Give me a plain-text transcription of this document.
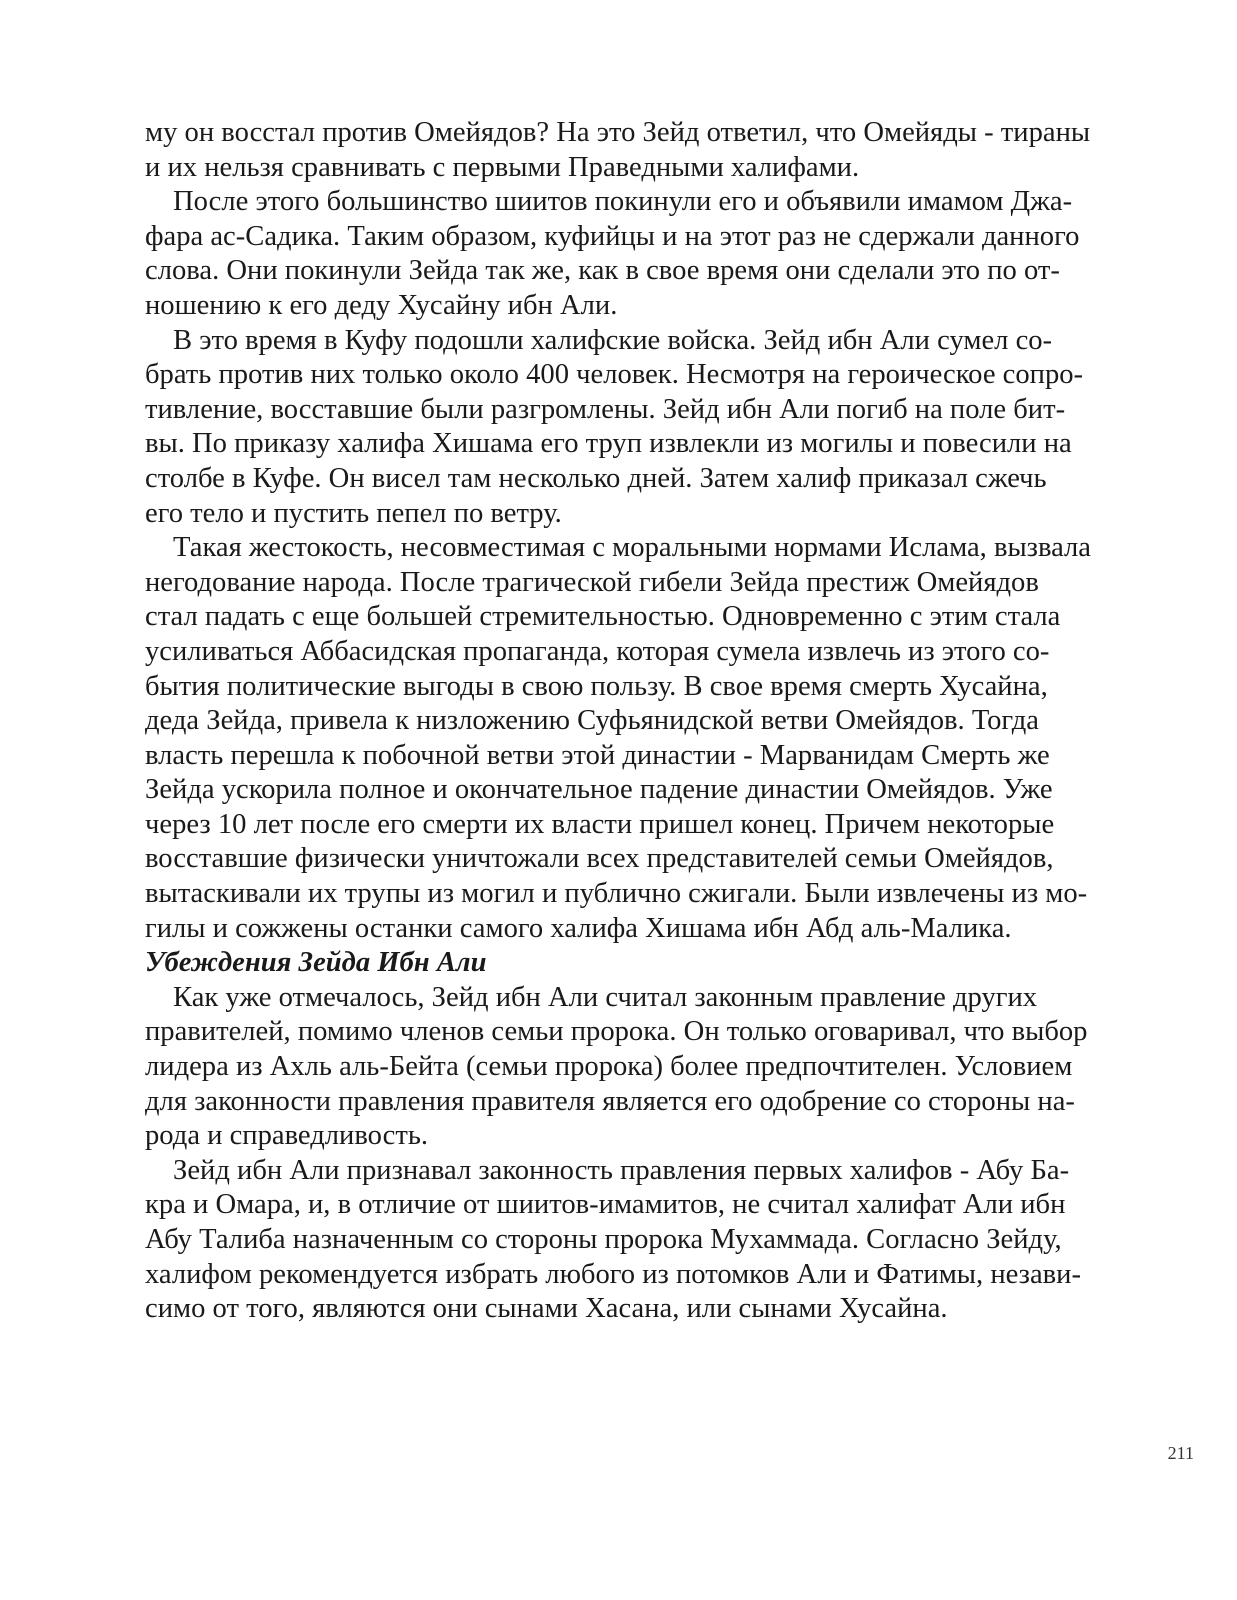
му он восстал против Омейядов? На это Зейд ответил, что Омейяды - тираны
и их нельзя сравнивать с первыми Праведными халифами.

После этого большинство шиитов покинули его и объявили имамом Джа-
фара ас-Садика. Таким образом, куфийцы и на этот раз не сдержали данного
слова. Они покинули Зейда так же, как в свое время они сделали это по от-
ношению к его деду Хусайну ибн Али.

В это время в Куфу подошли халифские войска. Зейд ибн Али сумел со-
брать против них только около 400 человек. Несмотря на героическое сопро-
тивление, восставшие были разгромлены. Зейд ибн Али погиб на поле бит-
вы. По приказу халифа Хишама его труп извлекли из могилы и повесили на
столбе в Куфе. Он висел там несколько дней. Затем халиф приказал сжечь
его тело и пустить пепел по ветру.

Такая жестокость, несовместимая с моральными нормами Ислама, вызвала
негодование народа. После трагической гибели Зейда престиж Омейядов
стал падать с еще большей стремительностью. Одновременно с этим стала
усиливаться Аббасидская пропаганда, которая сумела извлечь из этого со-
бытия политические выгоды в свою пользу. В свое время смерть Хусайна,
деда Зейда, привела к низложению Суфьянидской ветви Омейядов. Тогда
власть перешла к побочной ветви этой династии - Марванидам Смерть же
Зейда ускорила полное и окончательное падение династии Омейядов. Уже
через 10 лет после его смерти их власти пришел конец. Причем некоторые
восставшие физически уничтожали всех представителей семьи Омейядов,
вытаскивали их трупы из могил и публично сжигали. Были извлечены из мо-
гилы и сожжены останки самого халифа Хишама ибн Абд аль-Малика.

Убеждения Зейда Ибн Али

Как уже отмечалось, Зейд ибн Али считал законным правление других
правителей, помимо членов семьи пророка. Он только оговаривал, что выбор
лидера из Ахль аль-Бейта (семьи пророка) более предпочтителен. Условием
для законности правления правителя является его одобрение со стороны на-
рода и справедливость.

Зейд ибн Али признавал законность правления первых халифов - Абу Ба-
кра и Омара, и, в отличие от шиитов-имамитов, не считал халифат Али ибн
Абу Талиба назначенным со стороны пророка Мухаммада. Согласно Зейду,
халифом рекомендуется избрать любого из потомков Али и Фатимы, незави-
симо от того, являются они сынами Хасана, или сынами Хусайна.

211
